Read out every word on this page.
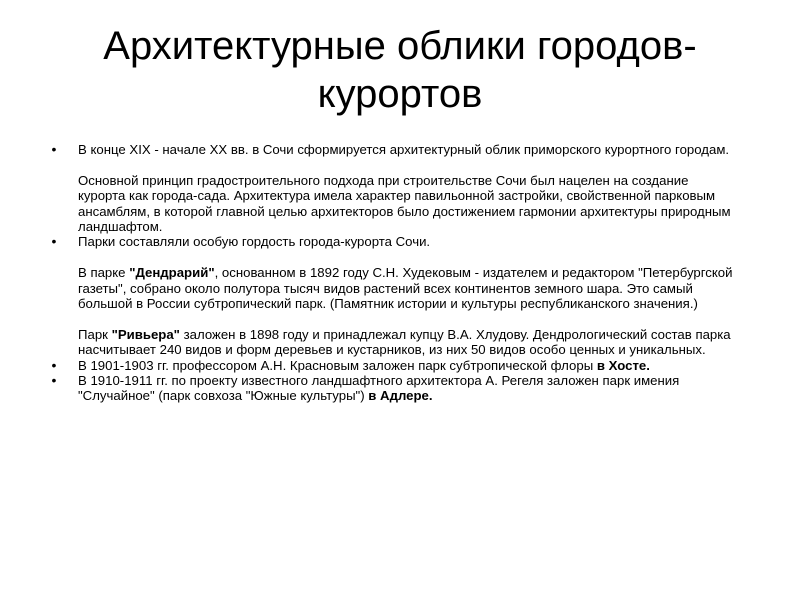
Архитектурные облики городов-курортов
• В конце XIX - начале XX вв. в Сочи сформируется архитектурный облик приморского курортного городам.

Основной принцип градостроительного подхода при строительстве Сочи был нацелен на создание курорта как города-сада. Архитектура имела характер павильонной застройки, свойственной парковым ансамблям, в которой главной целью архитекторов было достижением гармонии архитектуры природным ландшафтом.

• Парки составляли особую гордость города-курорта Сочи.

В парке "Дендрарий", основанном в 1892 году С.Н. Худековым - издателем и редактором "Петербургской газеты", собрано около полутора тысяч видов растений всех континентов земного шара. Это самый большой в России субтропический парк. (Памятник истории и культуры республиканского значения.)

Парк "Ривьера" заложен в 1898 году и принадлежал купцу В.А. Хлудову. Дендрологический состав парка насчитывает 240 видов и форм деревьев и кустарников, из них 50 видов особо ценных и уникальных.

• В 1901-1903 гг. профессором А.Н. Красновым заложен парк субтропической флоры в Хосте.

• В 1910-1911 гг. по проекту известного ландшафтного архитектора А. Регеля заложен парк имения "Случайное" (парк совхоза "Южные культуры") в Адлере.
